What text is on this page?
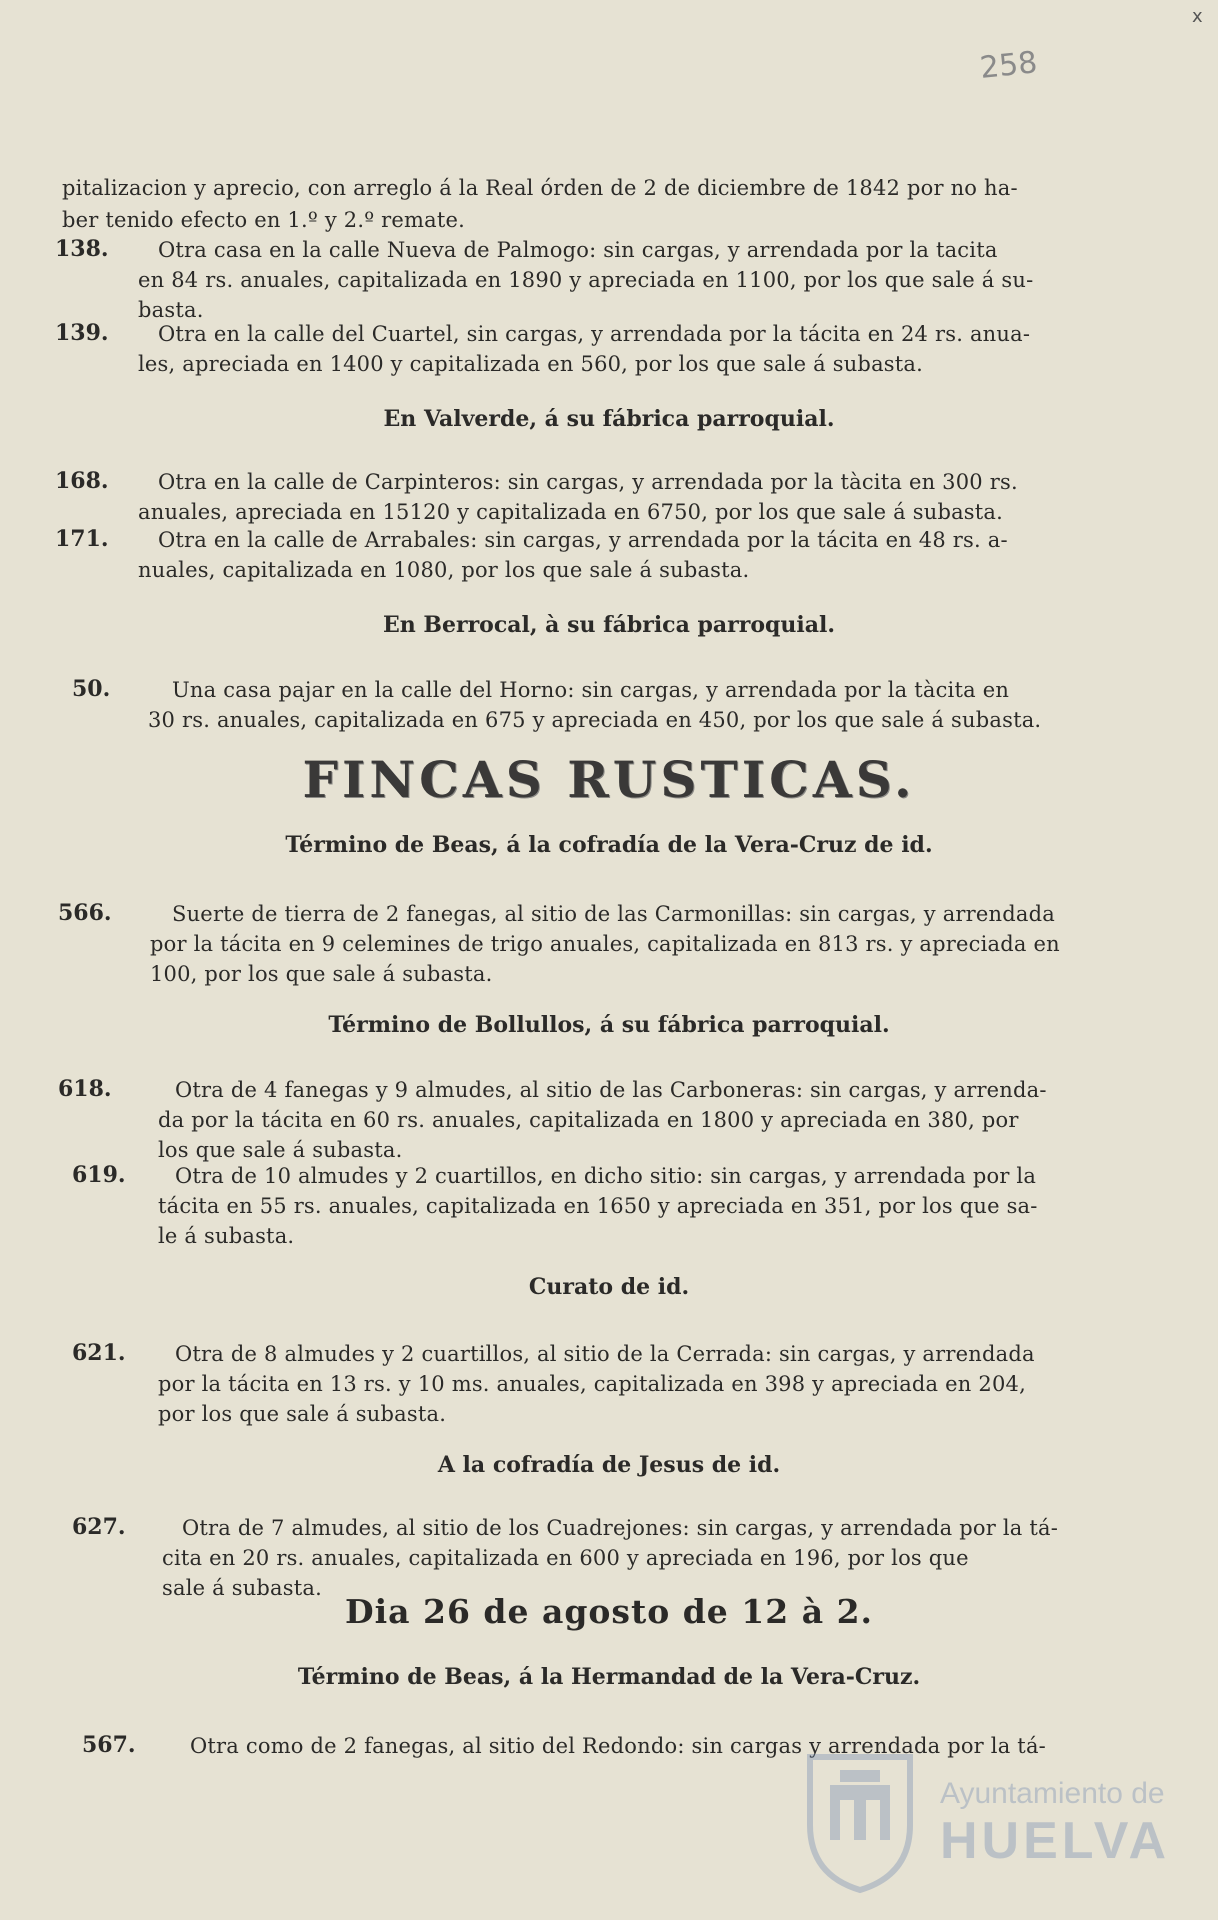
x
258
pitalizacion y aprecio, con arreglo á la Real órden de 2 de diciembre de 1842 por no ha-
ber tenido efecto en 1.º y 2.º remate.
138. Otra casa en la calle Nueva de Palmogo: sin cargas, y arrendada por la tacita
en 84 rs. anuales, capitalizada en 1890 y apreciada en 1100, por los que sale á su-
basta.
139. Otra en la calle del Cuartel, sin cargas, y arrendada por la tácita en 24 rs. anua-
les, apreciada en 1400 y capitalizada en 560, por los que sale á subasta.
En Valverde, á su fábrica parroquial.
168. Otra en la calle de Carpinteros: sin cargas, y arrendada por la tàcita en 300 rs.
anuales, apreciada en 15120 y capitalizada en 6750, por los que sale á subasta.
171. Otra en la calle de Arrabales: sin cargas, y arrendada por la tácita en 48 rs. a-
nuales, capitalizada en 1080, por los que sale á subasta.
En Berrocal, à su fábrica parroquial.
50.	Una casa pajar en la calle del Horno: sin cargas, y arrendada por la tàcita en
30 rs. anuales, capitalizada en 675 y apreciada en 450, por los que sale á subasta.
FINCAS RUSTICAS.
Término de Beas, á la cofradía de la Vera-Cruz de id.
566.	Suerte de tierra de 2 fanegas, al sitio de las Carmonillas: sin cargas, y arrendada
por la tácita en 9 celemines de trigo anuales, capitalizada en 813 rs. y apreciada en
100, por los que sale á subasta.
Término de Bollullos, á su fábrica parroquial.
618.	Otra de 4 fanegas y 9 almudes, al sitio de las Carboneras: sin cargas, y arrenda-
da por la tácita en 60 rs. anuales, capitalizada en 1800 y apreciada en 380, por
los que sale á subasta.
619. Otra de 10 almudes y 2 cuartillos, en dicho sitio: sin cargas, y arrendada por la
tácita en 55 rs. anuales, capitalizada en 1650 y apreciada en 351, por los que sa-
le á subasta.
Curato de id.
621. Otra de 8 almudes y 2 cuartillos, al sitio de la Cerrada: sin cargas, y arrendada
por la tácita en 13 rs. y 10 ms. anuales, capitalizada en 398 y apreciada en 204,
por los que sale á subasta.
A la cofradía de Jesus de id.
627.	Otra de 7 almudes, al sitio de los Cuadrejones: sin cargas, y arrendada por la tá-
cita en 20 rs. anuales, capitalizada en 600 y apreciada en 196, por los que
sale á subasta.
Dia 26 de agosto de 12 à 2.
Término de Beas, á la Hermandad de la Vera-Cruz.
567.	Otra como de 2 fanegas, al sitio del Redondo: sin cargas y arrendada por la tá-
Ayuntamiento de
HUELVA
